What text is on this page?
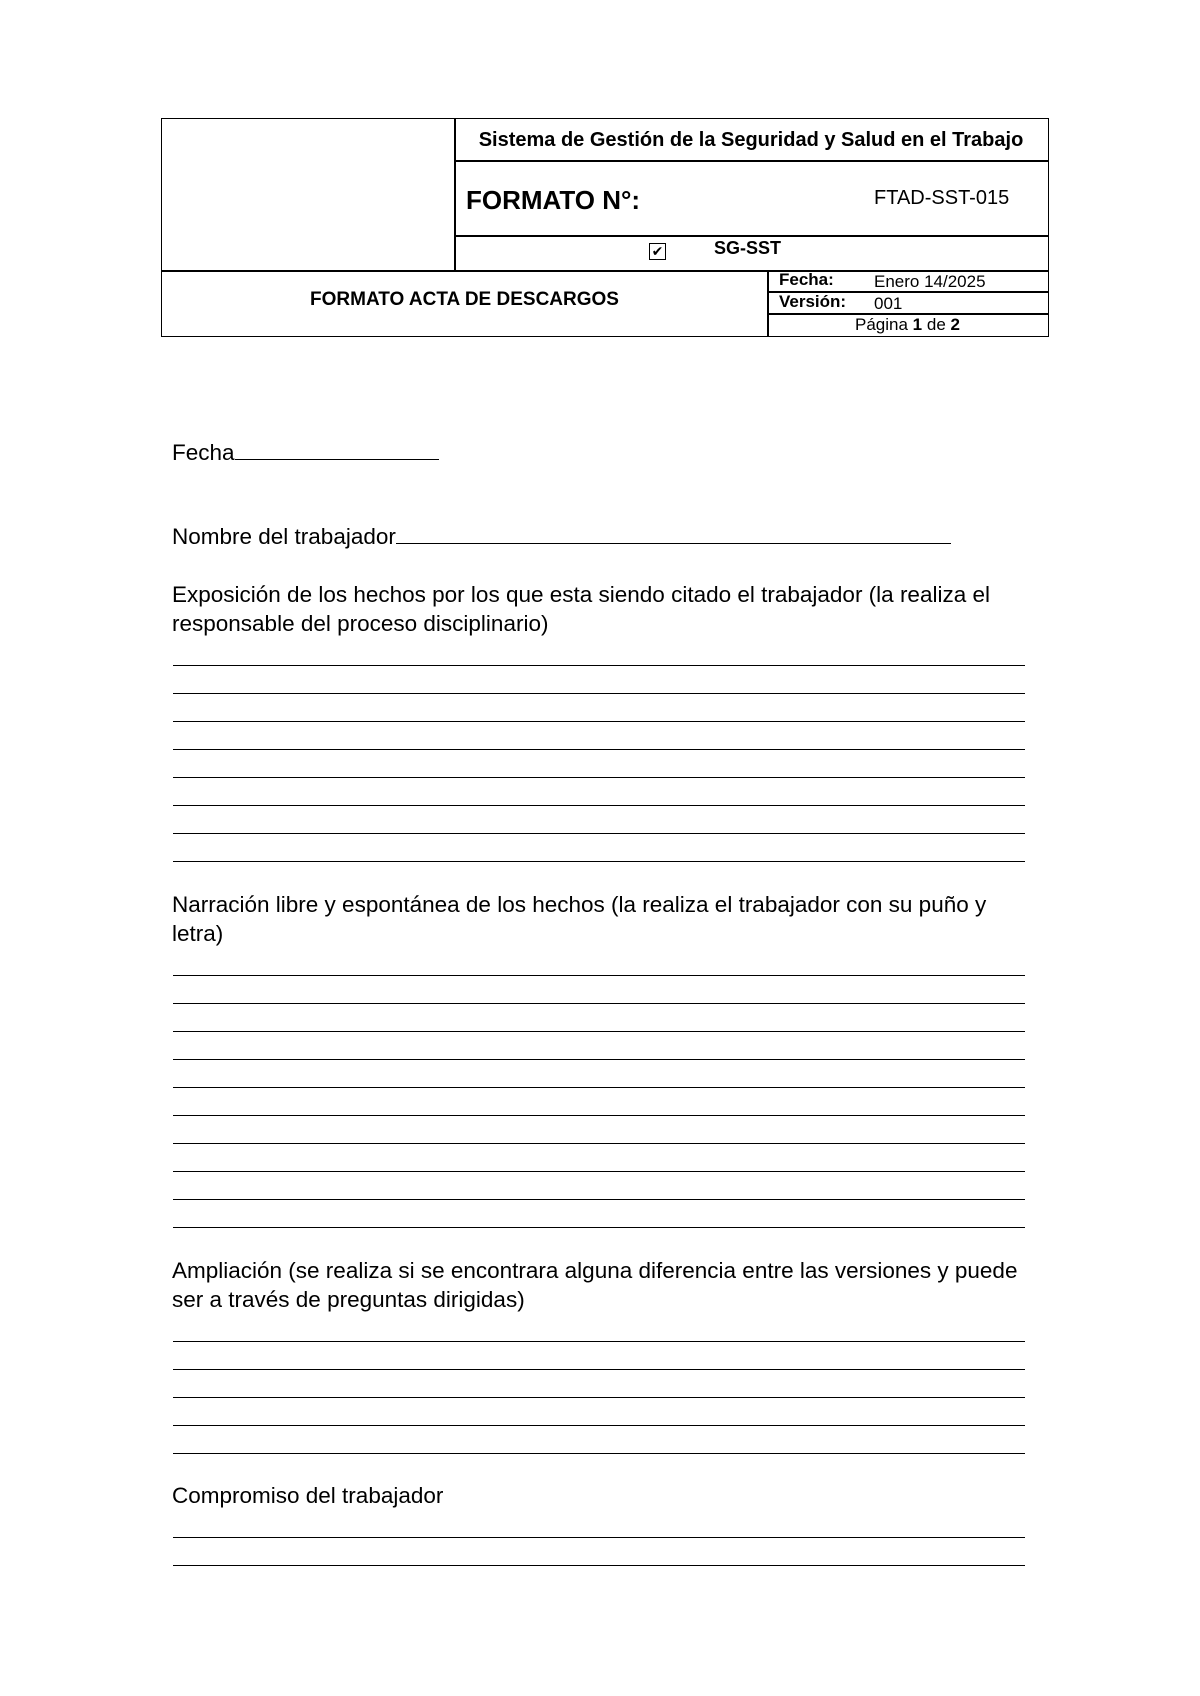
Sistema de Gestión de la Seguridad y Salud en el Trabajo
FORMATO N°:	FTAD-SST-015
✔	SG-SST
FORMATO ACTA DE DESCARGOS
Fecha: Enero 14/2025
Versión: 001
Página 1 de 2
Fecha
Nombre del trabajador
Exposición de los hechos por los que esta siendo citado el trabajador (la realiza el responsable del proceso disciplinario)
Narración libre y espontánea de los hechos (la realiza el trabajador con su puño y letra)
Ampliación (se realiza si se encontrara alguna diferencia entre las versiones y puede ser a través de preguntas dirigidas)
Compromiso del trabajador
